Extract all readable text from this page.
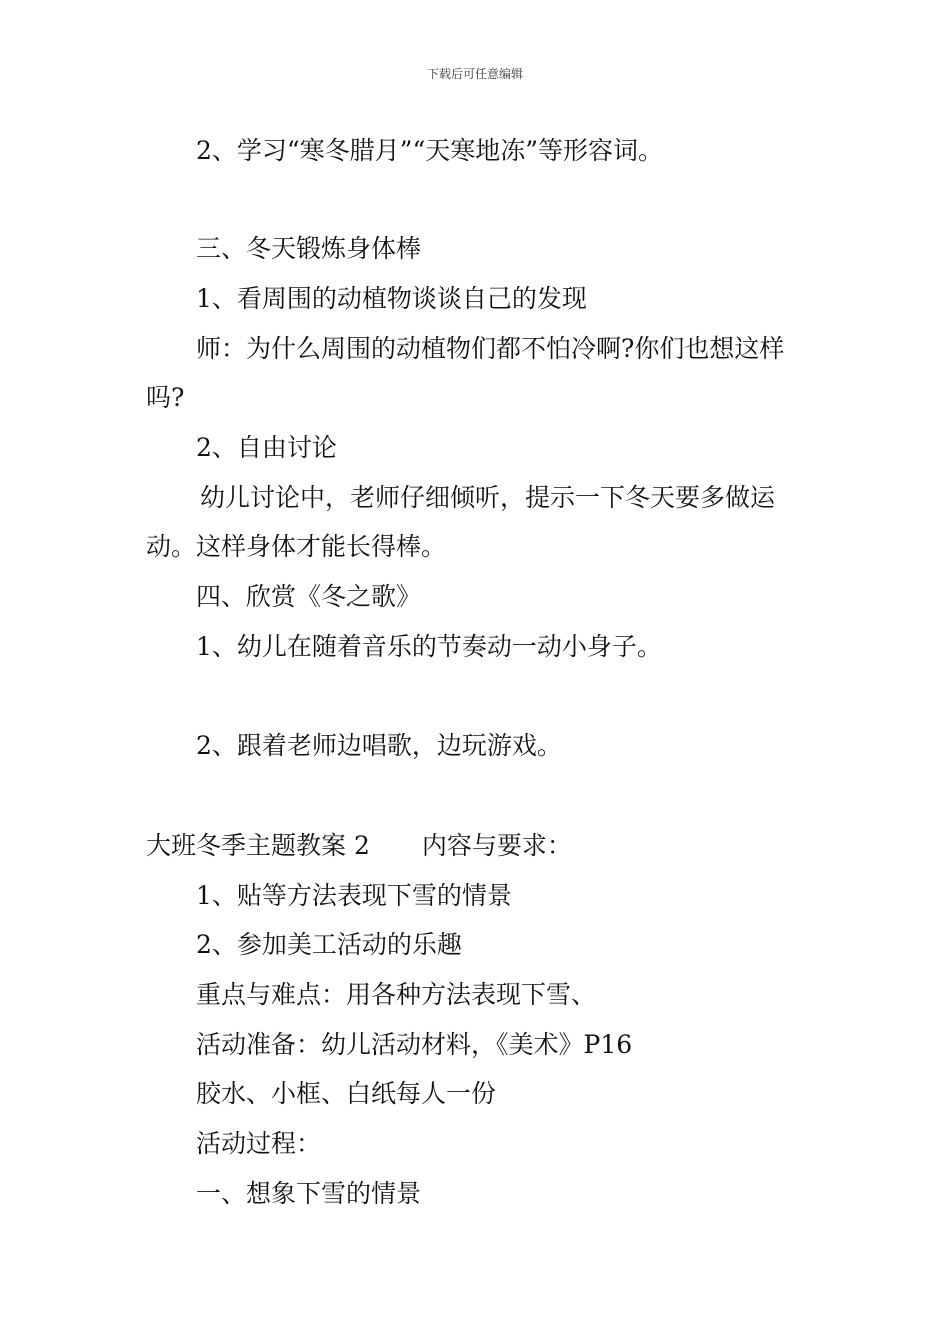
下载后可任意编辑
2、学习“寒冬腊月”“天寒地冻”等形容词。
三、冬天锻炼身体棒
1、看周围的动植物谈谈自己的发现
师：为什么周围的动植物们都不怕冷啊?你们也想这样
吗?
2、自由讨论
幼儿讨论中，老师仔细倾听，提示一下冬天要多做运
动。这样身体才能长得棒。
四、欣赏《冬之歌》
1、幼儿在随着音乐的节奏动一动小身子。
2、跟着老师边唱歌，边玩游戏。
大班冬季主题教案 2 内容与要求：
1、贴等方法表现下雪的情景
2、参加美工活动的乐趣
重点与难点：用各种方法表现下雪、
活动准备：幼儿活动材料，《美术》P16
胶水、小框、白纸每人一份
活动过程：
一、想象下雪的情景
